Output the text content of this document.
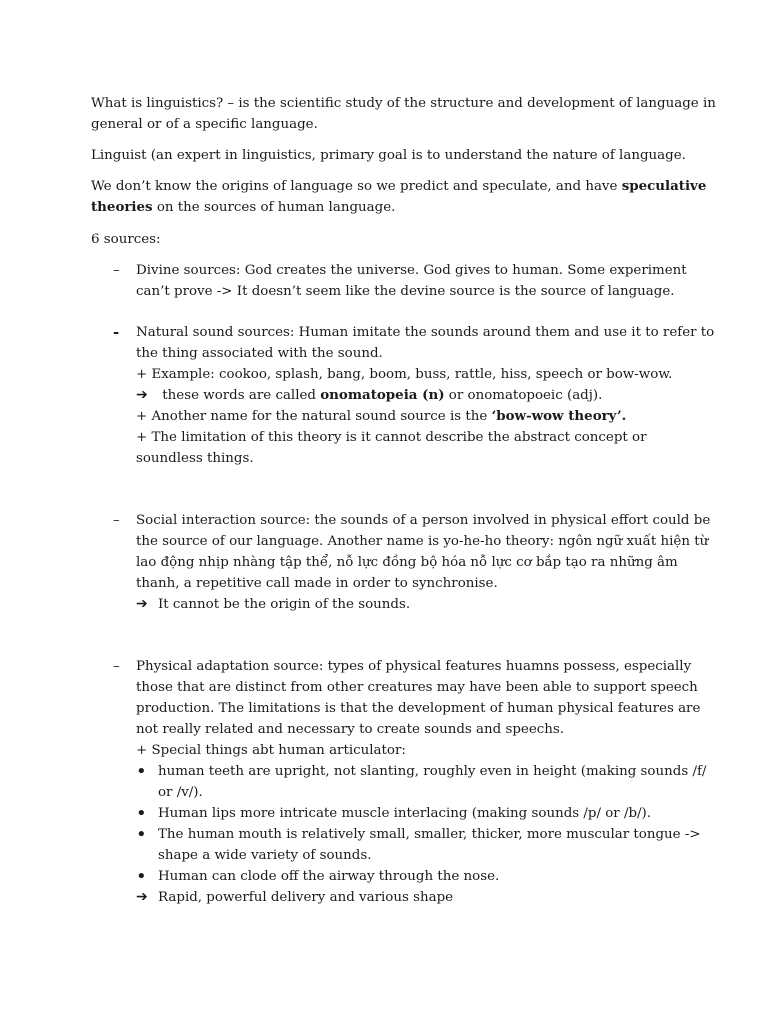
What is linguistics? – is the scientific study of the structure and development of language in
general or of a specific language.

Linguist (an expert in linguistics, primary goal is to understand the nature of language.

We don’t know the origins of language so we predict and speculate, and have speculative
theories on the sources of human language.

6 sources:

– Divine sources: God creates the universe. God gives to human. Some experiment
can’t prove -> It doesn’t seem like the devine source is the source of language.
- Natural sound sources: Human imitate the sounds around them and use it to refer to
the thing associated with the sound.
+ Example: cookoo, splash, bang, boom, buss, rattle, hiss, speech or bow-wow.
➔ these words are called onomatopeia (n) or onomatopoeic (adj).
+ Another name for the natural sound source is the ‘bow-wow theory’.
+ The limitation of this theory is it cannot describe the abstract concept or
soundless things.
– Social interaction source: the sounds of a person involved in physical effort could be
the source of our language. Another name is yo-he-ho theory: ngôn ngữ xuất hiện từ
lao động nhịp nhàng tập thể, nỗ lực đồng bộ hóa nỗ lực cơ bắp tạo ra những âm
thanh, a repetitive call made in order to synchronise.
➔ It cannot be the origin of the sounds.
– Physical adaptation source: types of physical features huamns possess, especially
those that are distinct from other creatures may have been able to support speech
production. The limitations is that the development of human physical features are
not really related and necessary to create sounds and speechs.
+ Special things abt human articulator:
• human teeth are upright, not slanting, roughly even in height (making sounds /f/
or /v/).
• Human lips more intricate muscle interlacing (making sounds /p/ or /b/).
• The human mouth is relatively small, smaller, thicker, more muscular tongue ->
shape a wide variety of sounds.
• Human can clode off the airway through the nose.
➔ Rapid, powerful delivery and various shape
